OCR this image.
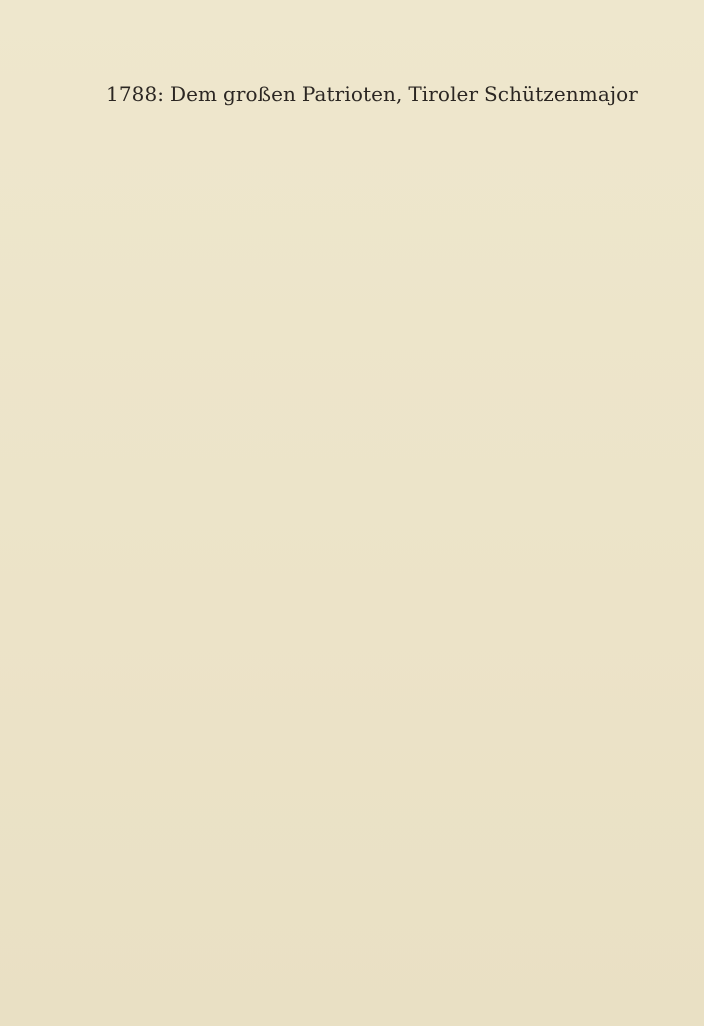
1788: Dem großen Patrioten, Tiroler Schützenmajor
